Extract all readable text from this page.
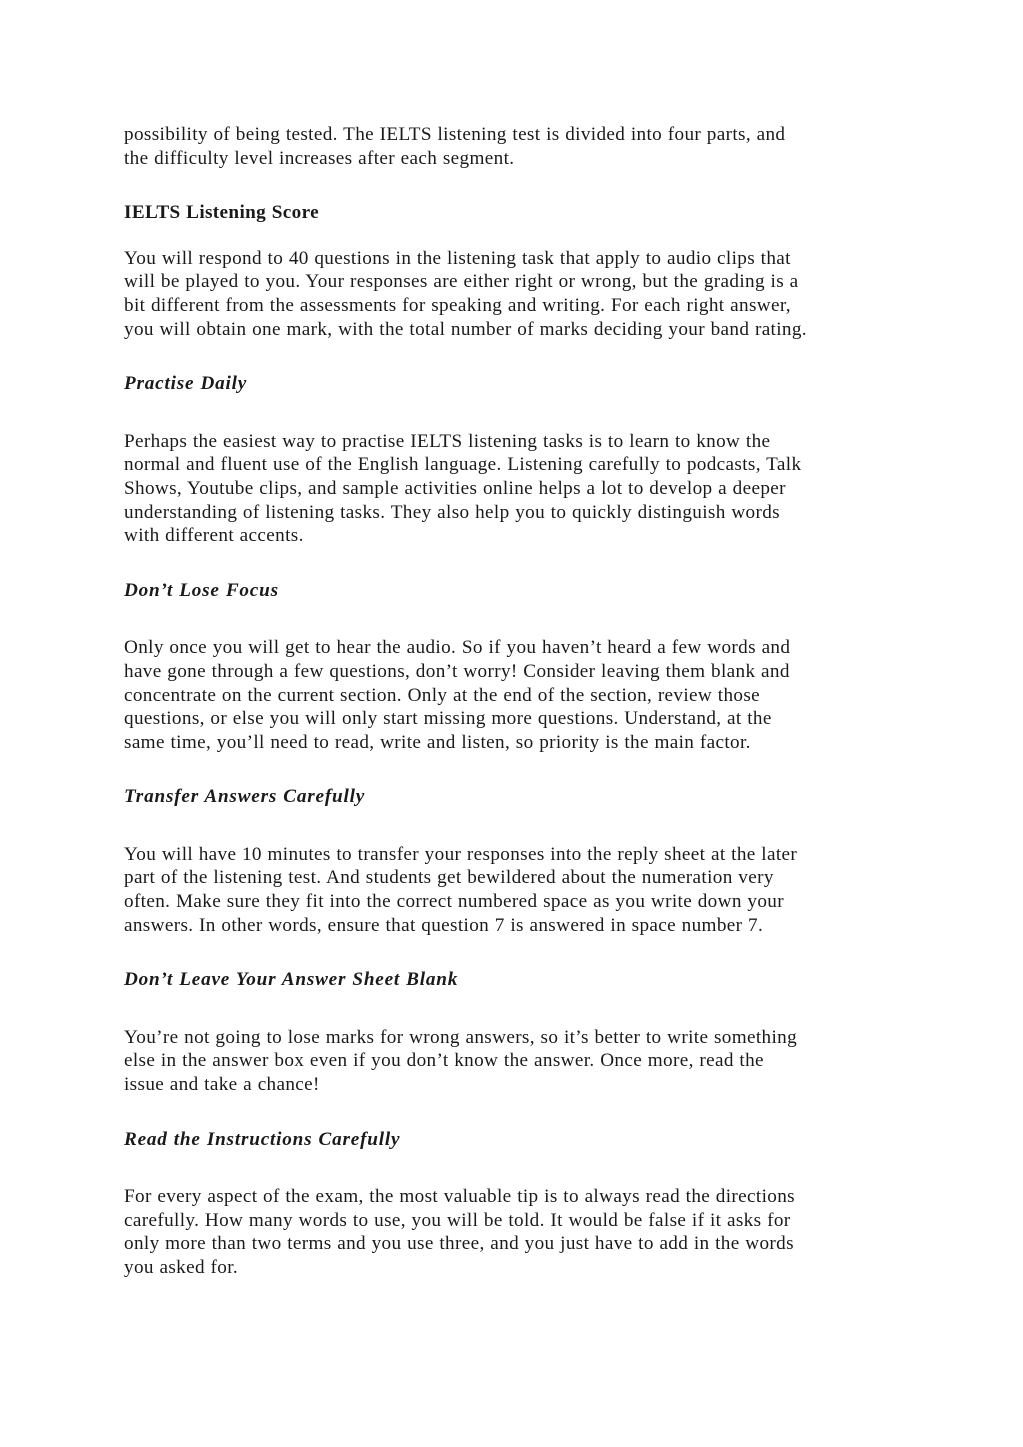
possibility of being tested. The IELTS listening test is divided into four parts, and
the difficulty level increases after each segment.

IELTS Listening Score

You will respond to 40 questions in the listening task that apply to audio clips that
will be played to you. Your responses are either right or wrong, but the grading is a
bit different from the assessments for speaking and writing. For each right answer,
you will obtain one mark, with the total number of marks deciding your band rating.

Practise Daily

Perhaps the easiest way to practise IELTS listening tasks is to learn to know the
normal and fluent use of the English language. Listening carefully to podcasts, Talk
Shows, Youtube clips, and sample activities online helps a lot to develop a deeper
understanding of listening tasks. They also help you to quickly distinguish words
with different accents.

Don’t Lose Focus

Only once you will get to hear the audio. So if you haven’t heard a few words and
have gone through a few questions, don’t worry! Consider leaving them blank and
concentrate on the current section. Only at the end of the section, review those
questions, or else you will only start missing more questions. Understand, at the
same time, you’ll need to read, write and listen, so priority is the main factor.

Transfer Answers Carefully

You will have 10 minutes to transfer your responses into the reply sheet at the later
part of the listening test. And students get bewildered about the numeration very
often. Make sure they fit into the correct numbered space as you write down your
answers. In other words, ensure that question 7 is answered in space number 7.

Don’t Leave Your Answer Sheet Blank

You’re not going to lose marks for wrong answers, so it’s better to write something
else in the answer box even if you don’t know the answer. Once more, read the
issue and take a chance!

Read the Instructions Carefully

For every aspect of the exam, the most valuable tip is to always read the directions
carefully. How many words to use, you will be told. It would be false if it asks for
only more than two terms and you use three, and you just have to add in the words
you asked for.
